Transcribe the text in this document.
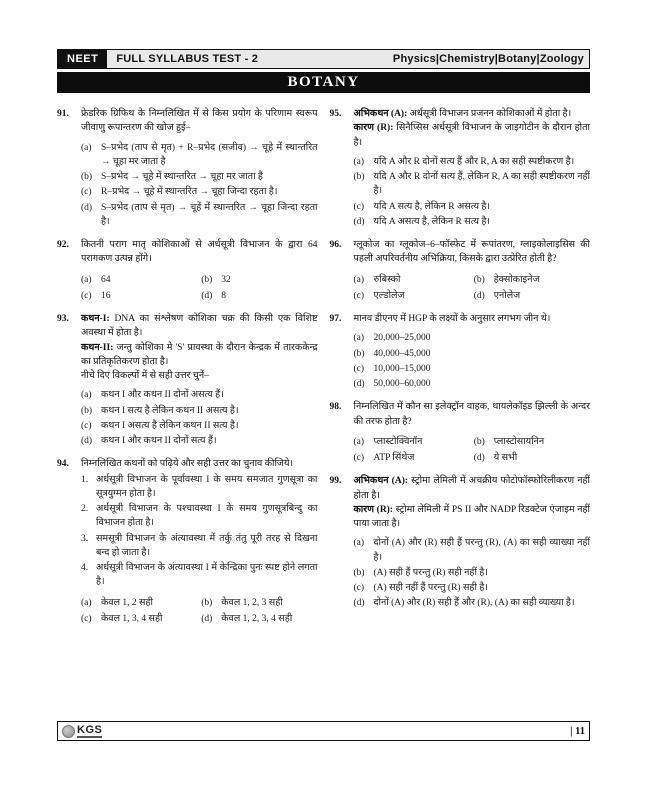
NEET	FULL SYLLABUS TEST - 2	Physics|Chemistry|Botany|Zoology
BOTANY
91.	फ्रेडरिक ग्रिफिथ के निम्नलिखित में से किस प्रयोग के परिणाम स्वरूप जीवाणु रूपान्तरण की खोज हुई–

(a) S–प्रभेद (ताप से मृत) + R–प्रभेद (सजीव) → चूहे में स्थान्तरित → चूहा मर जाता है
(b) S–प्रभेद → चूहे में स्थान्तरित → चूहा मर जाता है
(c) R–प्रभेद → चूहे में स्थान्तरित → चूहा जिन्दा रहता है।
(d) S–प्रभेद (ताप से मृत) → चूहें में स्थान्तरित → चूहा जिन्दा रहता है।
92.	कितनी पराग मातृ कोशिकाओं से अर्धसूत्री विभाजन के द्वारा 64 परागकण उत्पन्न होंगे।

(a) 64	(b) 32
(c) 16	(d) 8
93.	कथन-I: DNA का संश्लेषण कोशिका चक्र की किसी एक विशिष्ट अवस्था में होता है।

कथन-II: जन्तु कोशिका मे 'S' प्रावस्था के दौरान केन्द्रक में तारककेन्द्र का प्रतिकृतिकरण होता है।

नीचे दिए विकल्पों में से सही उत्तर चुनें–

(a) कथन I और कथन II दोनों असत्य हैं।
(b) कथन I सत्य है लेकिन कथन II असत्य है।
(c) कथन I असत्य है लेकिन कथन II सत्य है।
(d) कथन I और कथन II दोनों सत्य हैं।
94.	निम्नलिखित कथनों को पढ़िये और सही उत्तर का चुनाव कीजिये।

1. अर्धसूत्री विभाजन के पूर्वावस्था I के समय समजात गुणसूत्रा का सूत्रयुग्मन होता है।
2. अर्धसूत्री विभाजन के पश्चावस्था I के समय गुणसूत्रबिन्दु का विभाजन होता है।
3. समसूत्री विभाजन के अंत्यावस्था में तर्कु तंतु पूरी तरह से दिखना बन्द हो जाता है।
4. अर्धसूत्री विभाजन के अंत्यावस्था I में केन्द्रिका पुनः स्पष्ट होने लगता है।
(a) केवल 1, 2 सही	(b) केवल 1, 2, 3 सही
(c) केवल 1, 3, 4 सही	(d) केवल 1, 2, 3, 4 सही
95.	अभिकथन (A): अर्धसूत्री विभाजन प्रजनन कोशिकाओं में होता है।

कारण (R): सिनैप्सिस अर्धसूत्री विभाजन के जाइगोटीन के दौरान होता है।

(a) यदि A और R दोनों सत्य हैं और R, A का सही स्पष्टीकरण है।
(b) यदि A और R दोनों सत्य हैं, लेकिन R, A का सही स्पष्टीकरण नहीं है।
(c) यदि A सत्य है, लेकिन R असत्य है।
(d) यदि A असत्य है, लेकिन R सत्य है।
96.	ग्लूकोज का ग्लूकोज–6–फॉस्फेट में रूपांतरण, ग्लाइकोलाइसिस की पहली अपरिवर्तनीय अभिक्रिया, किसके द्वारा उत्प्रेरित होती है?

(a) रुबिस्को	(b) हेक्सोकाइनेज
(c) एल्डोलेज	(d) एनोलेज
97.	मानव डीएनए में HGP के लक्ष्यों के अनुसार लगभग जीन थे।

(a) 20,000–25,000
(b) 40,000–45,000
(c) 10,000–15,000
(d) 50,000–60,000
98.	निम्नलिखित में कौन सा इलेक्ट्रॉन वाहक, थायलेकॉइड झिल्ली के अन्दर की तरफ होता है?

(a) प्लास्टोक्विनॉन	(b) प्लास्टोसायनिन
(c) ATP सिंथेज	(d) ये सभी
99.	अभिकथन (A): स्ट्रोमा लेमिली में अचक्रीय फोटोफॉस्फोरिलीकरण नहीं होता है।

कारण (R): स्ट्रोमा लेमिली में PS II और NADP रिडक्टेज एंजाइम नहीं पाया जाता है।

(a) दोनों (A) और (R) सही हैं परन्तु (R), (A) का सही व्याख्या नहीं है।
(b) (A) सही हैं परन्तु (R) सही नहीं है।
(c) (A) सही नहीं हैं परन्तु (R) सही है।
(d) दोनों (A) और (R) सही हैं और (R), (A) का सही व्याख्या है।
KGS	| 11
